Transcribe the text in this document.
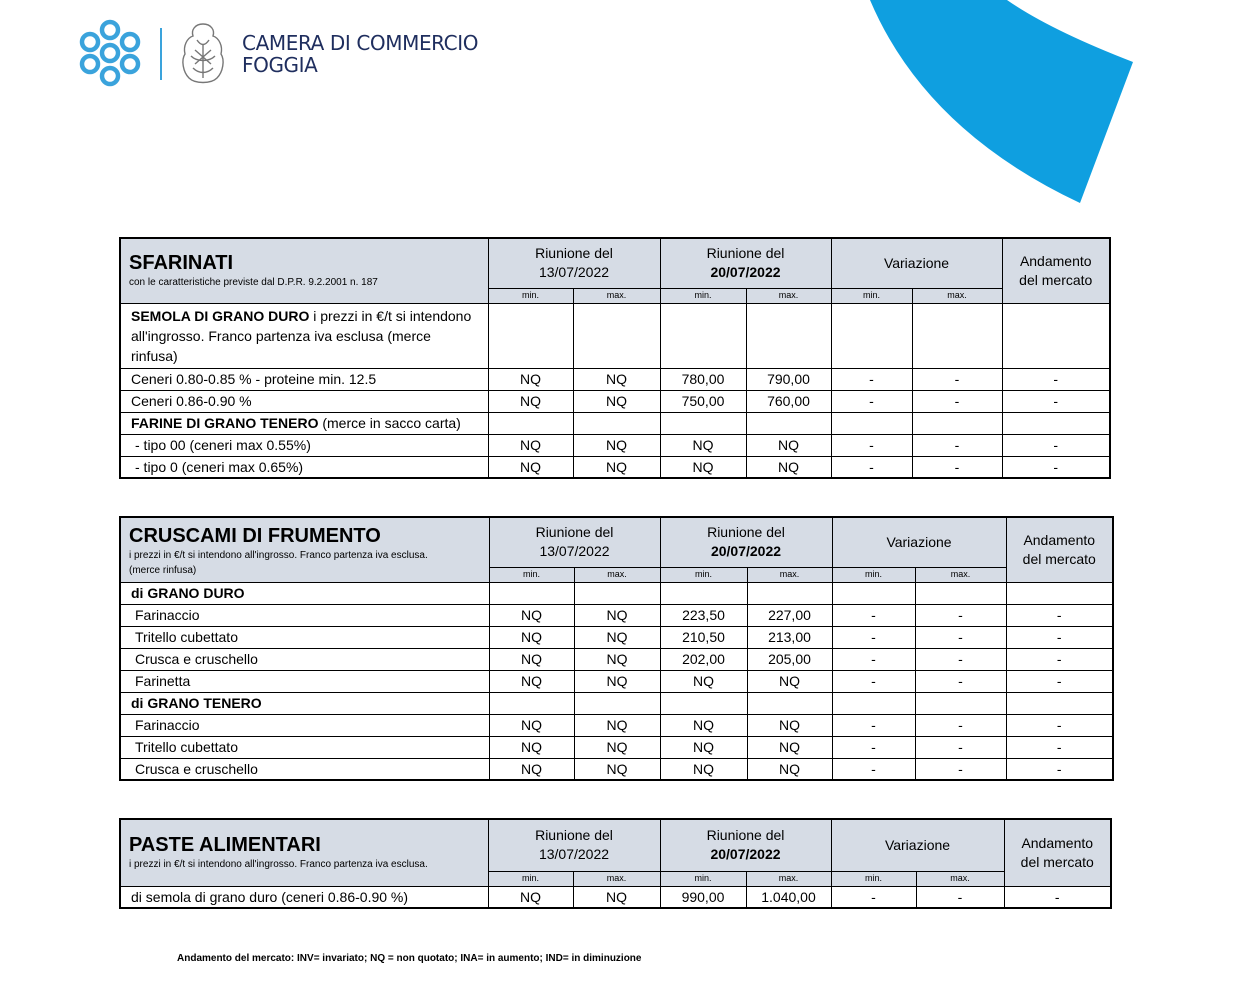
CAMERA DI COMMERCIO
FOGGIA
SFARINATI
con le caratteristiche previste dal D.P.R. 9.2.2001 n. 187	Riunione del
13/07/2022		Riunione del
20/07/2022		Variazione		Andamento
del mercato
	min.	max.	min.	max.	min.	max.	
SEMOLA DI GRANO DURO i prezzi in €/t si intendono all'ingrosso. Franco partenza iva esclusa (merce rinfusa)							
Ceneri 0.80-0.85 % - proteine min. 12.5	NQ	NQ	780,00	790,00	-	-	-
Ceneri 0.86-0.90 %	NQ	NQ	750,00	760,00	-	-	-
FARINE DI GRANO TENERO (merce in sacco carta)							
- tipo 00 (ceneri max 0.55%)	NQ	NQ	NQ	NQ	-	-	-
- tipo 0 (ceneri max 0.65%)	NQ	NQ	NQ	NQ	-	-	-
CRUSCAMI DI FRUMENTO
i prezzi in €/t si intendono all'ingrosso. Franco partenza iva esclusa.
(merce rinfusa)	Riunione del
13/07/2022		Riunione del
20/07/2022		Variazione		Andamento
del mercato
	min.	max.	min.	max.	min.	max.	
di GRANO DURO							
Farinaccio	NQ	NQ	223,50	227,00	-	-	-
Tritello cubettato	NQ	NQ	210,50	213,00	-	-	-
Crusca e cruschello	NQ	NQ	202,00	205,00	-	-	-
Farinetta	NQ	NQ	NQ	NQ	-	-	-
di GRANO TENERO							
Farinaccio	NQ	NQ	NQ	NQ	-	-	-
Tritello cubettato	NQ	NQ	NQ	NQ	-	-	-
Crusca e cruschello	NQ	NQ	NQ	NQ	-	-	-
PASTE ALIMENTARI
i prezzi in €/t si intendono all'ingrosso. Franco partenza iva esclusa.	Riunione del
13/07/2022		Riunione del
20/07/2022		Variazione		Andamento
del mercato
	min.	max.	min.	max.	min.	max.	
di semola di grano duro (ceneri 0.86-0.90 %)	NQ	NQ	990,00	1.040,00	-	-	-
Andamento del mercato: INV= invariato; NQ = non quotato; INA= in aumento; IND= in diminuzione
